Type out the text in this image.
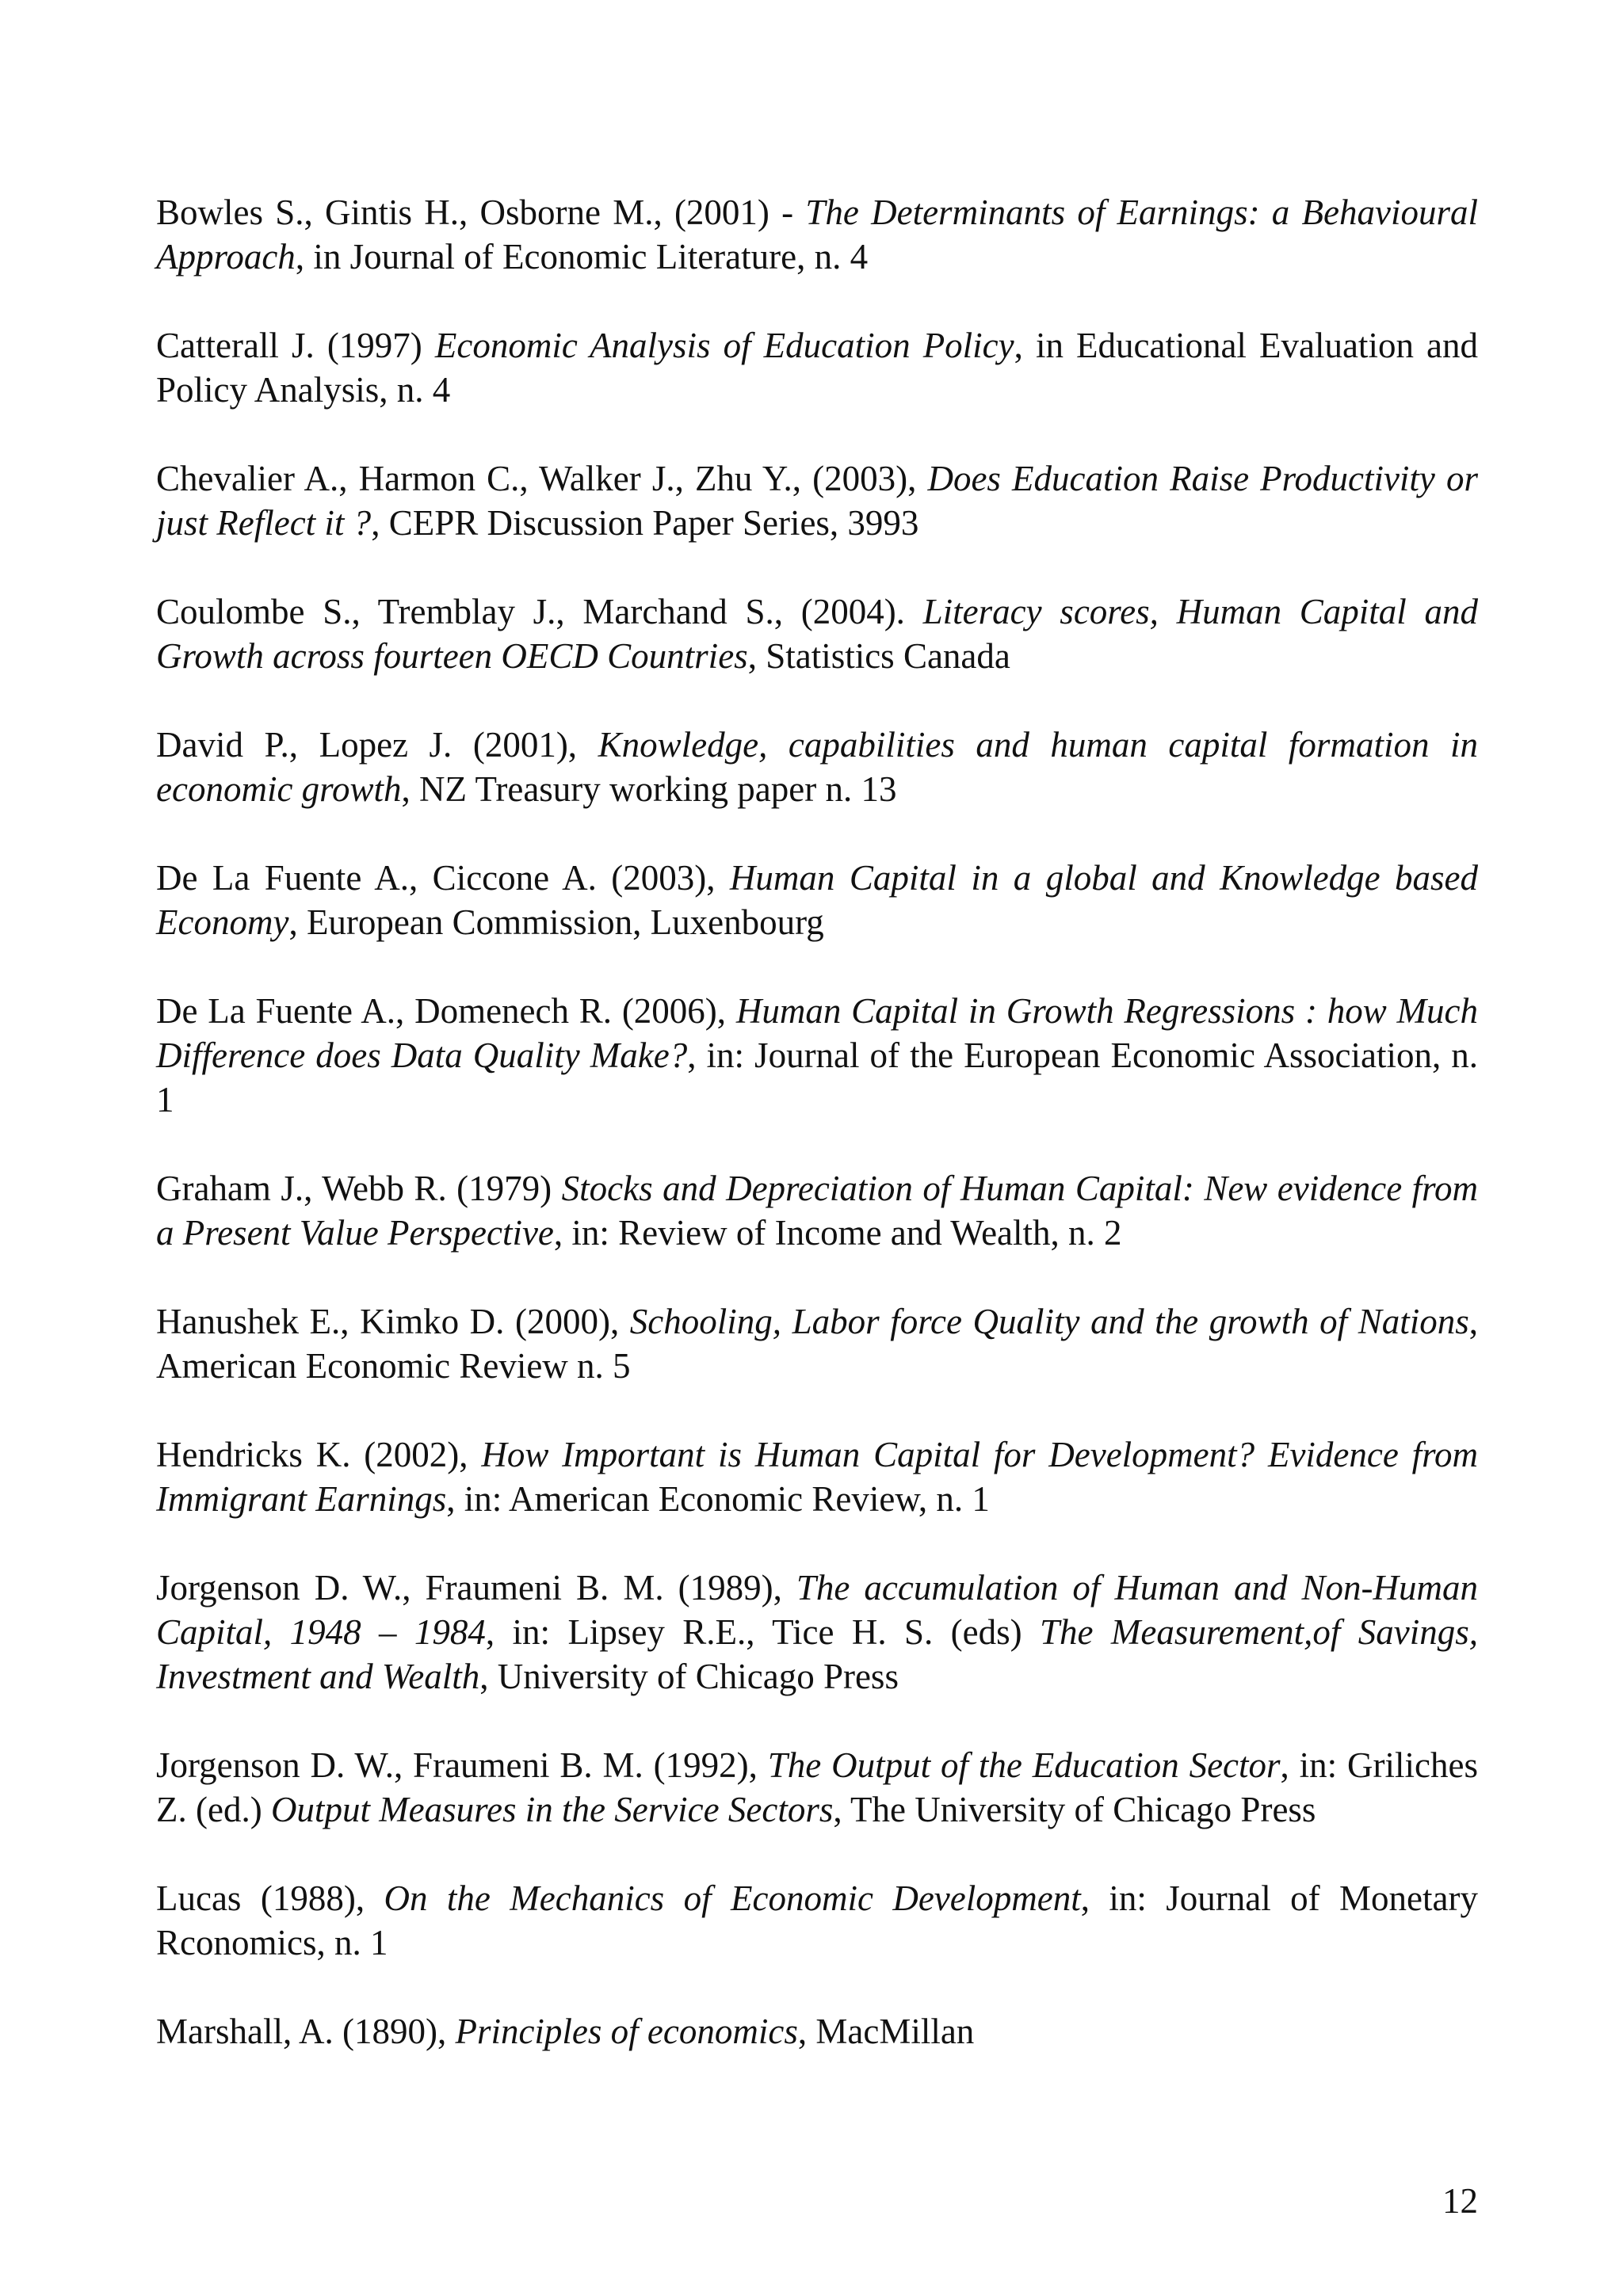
Bowles S., Gintis H., Osborne M., (2001) - The Determinants of Earnings: a Behavioural Approach, in Journal of Economic Literature, n. 4

Catterall J. (1997) Economic Analysis of Education Policy, in Educational Evaluation and Policy Analysis, n. 4

Chevalier A., Harmon C., Walker J., Zhu Y., (2003), Does Education Raise Productivity or just Reflect it ?, CEPR Discussion Paper Series, 3993

Coulombe S., Tremblay J., Marchand S., (2004). Literacy scores, Human Capital and Growth across fourteen OECD Countries, Statistics Canada

David P., Lopez J. (2001), Knowledge, capabilities and human capital formation in economic growth, NZ Treasury working paper n. 13

De La Fuente A., Ciccone A. (2003), Human Capital in a global and Knowledge based Economy, European Commission, Luxenbourg

De La Fuente A., Domenech R. (2006), Human Capital in Growth Regressions : how Much Difference does Data Quality Make?, in: Journal of the European Economic Association, n. 1

Graham J., Webb R. (1979) Stocks and Depreciation of Human Capital: New evidence from a Present Value Perspective, in: Review of Income and Wealth, n. 2

Hanushek E., Kimko D. (2000), Schooling, Labor force Quality and the growth of Nations, American Economic Review n. 5

Hendricks K. (2002), How Important is Human Capital for Development? Evidence from Immigrant Earnings, in: American Economic Review, n. 1

Jorgenson D. W., Fraumeni B. M. (1989), The accumulation of Human and Non-Human Capital, 1948 – 1984, in: Lipsey R.E., Tice H. S. (eds) The Measurement,of Savings, Investment and Wealth, University of Chicago Press

Jorgenson D. W., Fraumeni B. M. (1992), The Output of the Education Sector, in: Griliches Z. (ed.) Output Measures in the Service Sectors, The University of Chicago Press

Lucas (1988), On the Mechanics of Economic Development, in: Journal of Monetary Rconomics, n. 1

Marshall, A. (1890), Principles of economics, MacMillan

12
